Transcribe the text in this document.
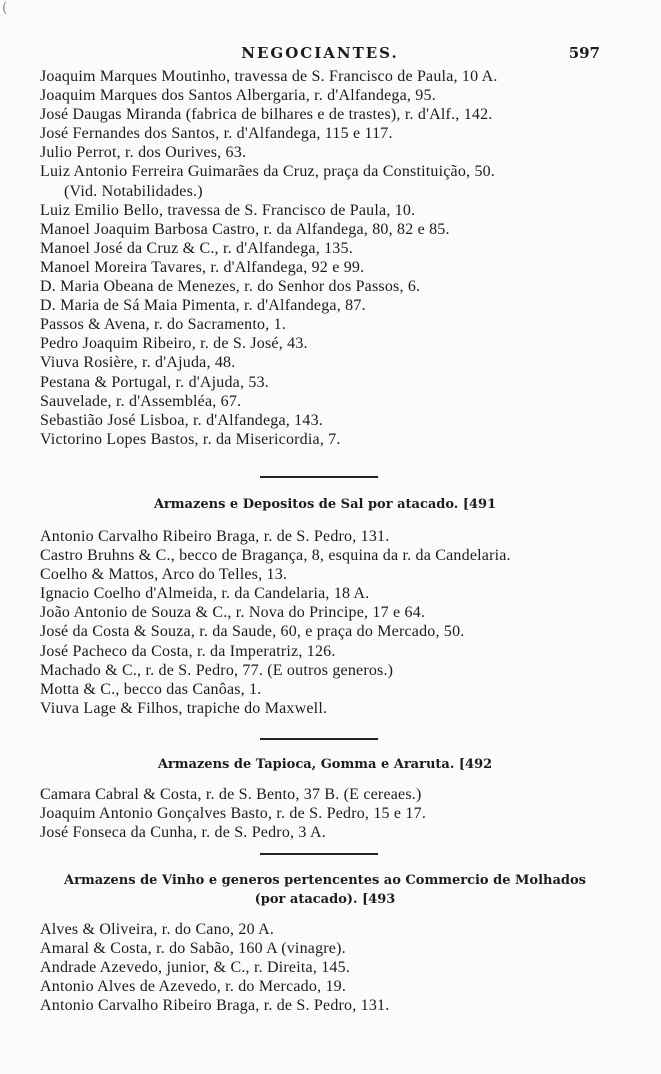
(
NEGOCIANTES.	597
Joaquim Marques Moutinho, travessa de S. Francisco de Paula, 10 A.
Joaquim Marques dos Santos Albergaria, r. d'Alfandega, 95.
José Daugas Miranda (fabrica de bilhares e de trastes), r. d'Alf., 142.
José Fernandes dos Santos, r. d'Alfandega, 115 e 117.
Julio Perrot, r. dos Ourives, 63.
Luiz Antonio Ferreira Guimarães da Cruz, praça da Constituição, 50.
(Vid. Notabilidades.)
Luiz Emilio Bello, travessa de S. Francisco de Paula, 10.
Manoel Joaquim Barbosa Castro, r. da Alfandega, 80, 82 e 85.
Manoel José da Cruz & C., r. d'Alfandega, 135.
Manoel Moreira Tavares, r. d'Alfandega, 92 e 99.
D. Maria Obeana de Menezes, r. do Senhor dos Passos, 6.
D. Maria de Sá Maia Pimenta, r. d'Alfandega, 87.
Passos & Avena, r. do Sacramento, 1.
Pedro Joaquim Ribeiro, r. de S. José, 43.
Viuva Rosière, r. d'Ajuda, 48.
Pestana & Portugal, r. d'Ajuda, 53.
Sauvelade, r. d'Assembléa, 67.
Sebastião José Lisboa, r. d'Alfandega, 143.
Victorino Lopes Bastos, r. da Misericordia, 7.
Armazens e Depositos de Sal por atacado. [491
Antonio Carvalho Ribeiro Braga, r. de S. Pedro, 131.
Castro Bruhns & C., becco de Bragança, 8, esquina da r. da Candelaria.
Coelho & Mattos, Arco do Telles, 13.
Ignacio Coelho d'Almeida, r. da Candelaria, 18 A.
João Antonio de Souza & C., r. Nova do Principe, 17 e 64.
José da Costa & Souza, r. da Saude, 60, e praça do Mercado, 50.
José Pacheco da Costa, r. da Imperatriz, 126.
Machado & C., r. de S. Pedro, 77. (E outros generos.)
Motta & C., becco das Canôas, 1.
Viuva Lage & Filhos, trapiche do Maxwell.
Armazens de Tapioca, Gomma e Araruta. [492
Camara Cabral & Costa, r. de S. Bento, 37 B. (E cereaes.)
Joaquim Antonio Gonçalves Basto, r. de S. Pedro, 15 e 17.
José Fonseca da Cunha, r. de S. Pedro, 3 A.
Armazens de Vinho e generos pertencentes ao Commercio de Molhados
(por atacado). [493
Alves & Oliveira, r. do Cano, 20 A.
Amaral & Costa, r. do Sabão, 160 A (vinagre).
Andrade Azevedo, junior, & C., r. Direita, 145.
Antonio Alves de Azevedo, r. do Mercado, 19.
Antonio Carvalho Ribeiro Braga, r. de S. Pedro, 131.
